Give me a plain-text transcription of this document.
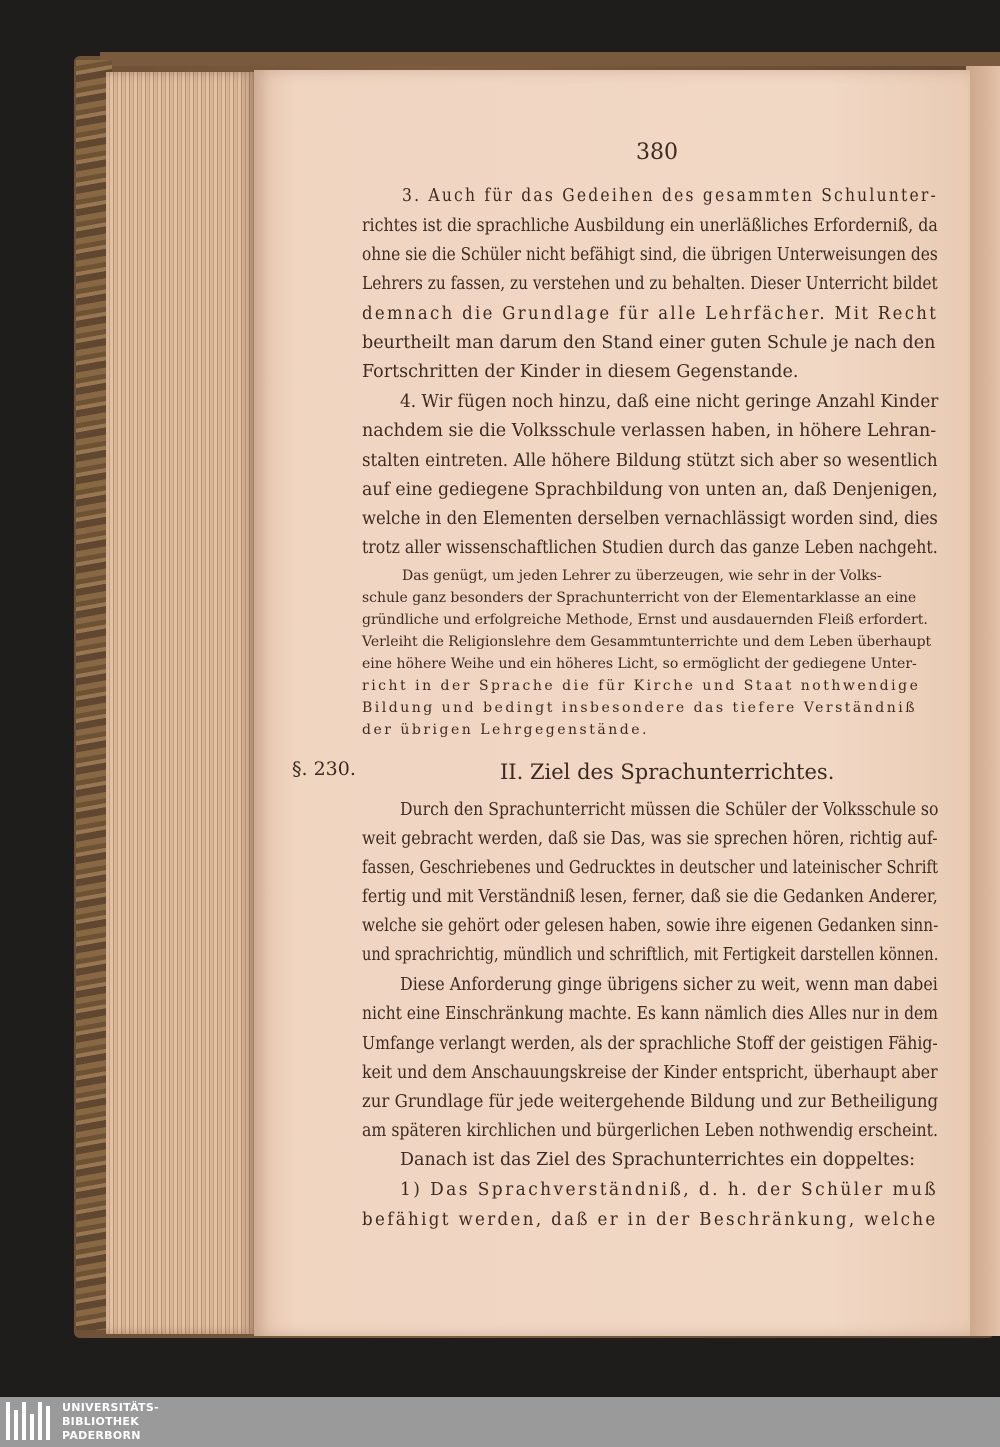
380
3. Auch für das Gedeihen des gesammten Schulunter-
richtes ist die sprachliche Ausbildung ein unerläßliches Erforderniß, da
ohne sie die Schüler nicht befähigt sind, die übrigen Unterweisungen des
Lehrers zu fassen, zu verstehen und zu behalten. Dieser Unterricht bildet
demnach die Grundlage für alle Lehrfächer. Mit Recht
beurtheilt man darum den Stand einer guten Schule je nach den
Fortschritten der Kinder in diesem Gegenstande.
4. Wir fügen noch hinzu, daß eine nicht geringe Anzahl Kinder
nachdem sie die Volksschule verlassen haben, in höhere Lehran-
stalten eintreten. Alle höhere Bildung stützt sich aber so wesentlich
auf eine gediegene Sprachbildung von unten an, daß Denjenigen,
welche in den Elementen derselben vernachlässigt worden sind, dies
trotz aller wissenschaftlichen Studien durch das ganze Leben nachgeht.
Das genügt, um jeden Lehrer zu überzeugen, wie sehr in der Volks-
schule ganz besonders der Sprachunterricht von der Elementarklasse an eine
gründliche und erfolgreiche Methode, Ernst und ausdauernden Fleiß erfordert.
Verleiht die Religionslehre dem Gesammtunterrichte und dem Leben überhaupt
eine höhere Weihe und ein höheres Licht, so ermöglicht der gediegene Unter-
richt in der Sprache die für Kirche und Staat nothwendige
Bildung und bedingt insbesondere das tiefere Verständniß
der übrigen Lehrgegenstände.
§. 230.	II. Ziel des Sprachunterrichtes.
Durch den Sprachunterricht müssen die Schüler der Volksschule so
weit gebracht werden, daß sie Das, was sie sprechen hören, richtig auf-
fassen, Geschriebenes und Gedrucktes in deutscher und lateinischer Schrift
fertig und mit Verständniß lesen, ferner, daß sie die Gedanken Anderer,
welche sie gehört oder gelesen haben, sowie ihre eigenen Gedanken sinn-
und sprachrichtig, mündlich und schriftlich, mit Fertigkeit darstellen können.
Diese Anforderung ginge übrigens sicher zu weit, wenn man dabei
nicht eine Einschränkung machte. Es kann nämlich dies Alles nur in dem
Umfange verlangt werden, als der sprachliche Stoff der geistigen Fähig-
keit und dem Anschauungskreise der Kinder entspricht, überhaupt aber
zur Grundlage für jede weitergehende Bildung und zur Betheiligung
am späteren kirchlichen und bürgerlichen Leben nothwendig erscheint.
Danach ist das Ziel des Sprachunterrichtes ein doppeltes:
1) Das Sprachverständniß, d. h. der Schüler muß
befähigt werden, daß er in der Beschränkung, welche
UNIVERSITÄTS-
BIBLIOTHEK
PADERBORN
